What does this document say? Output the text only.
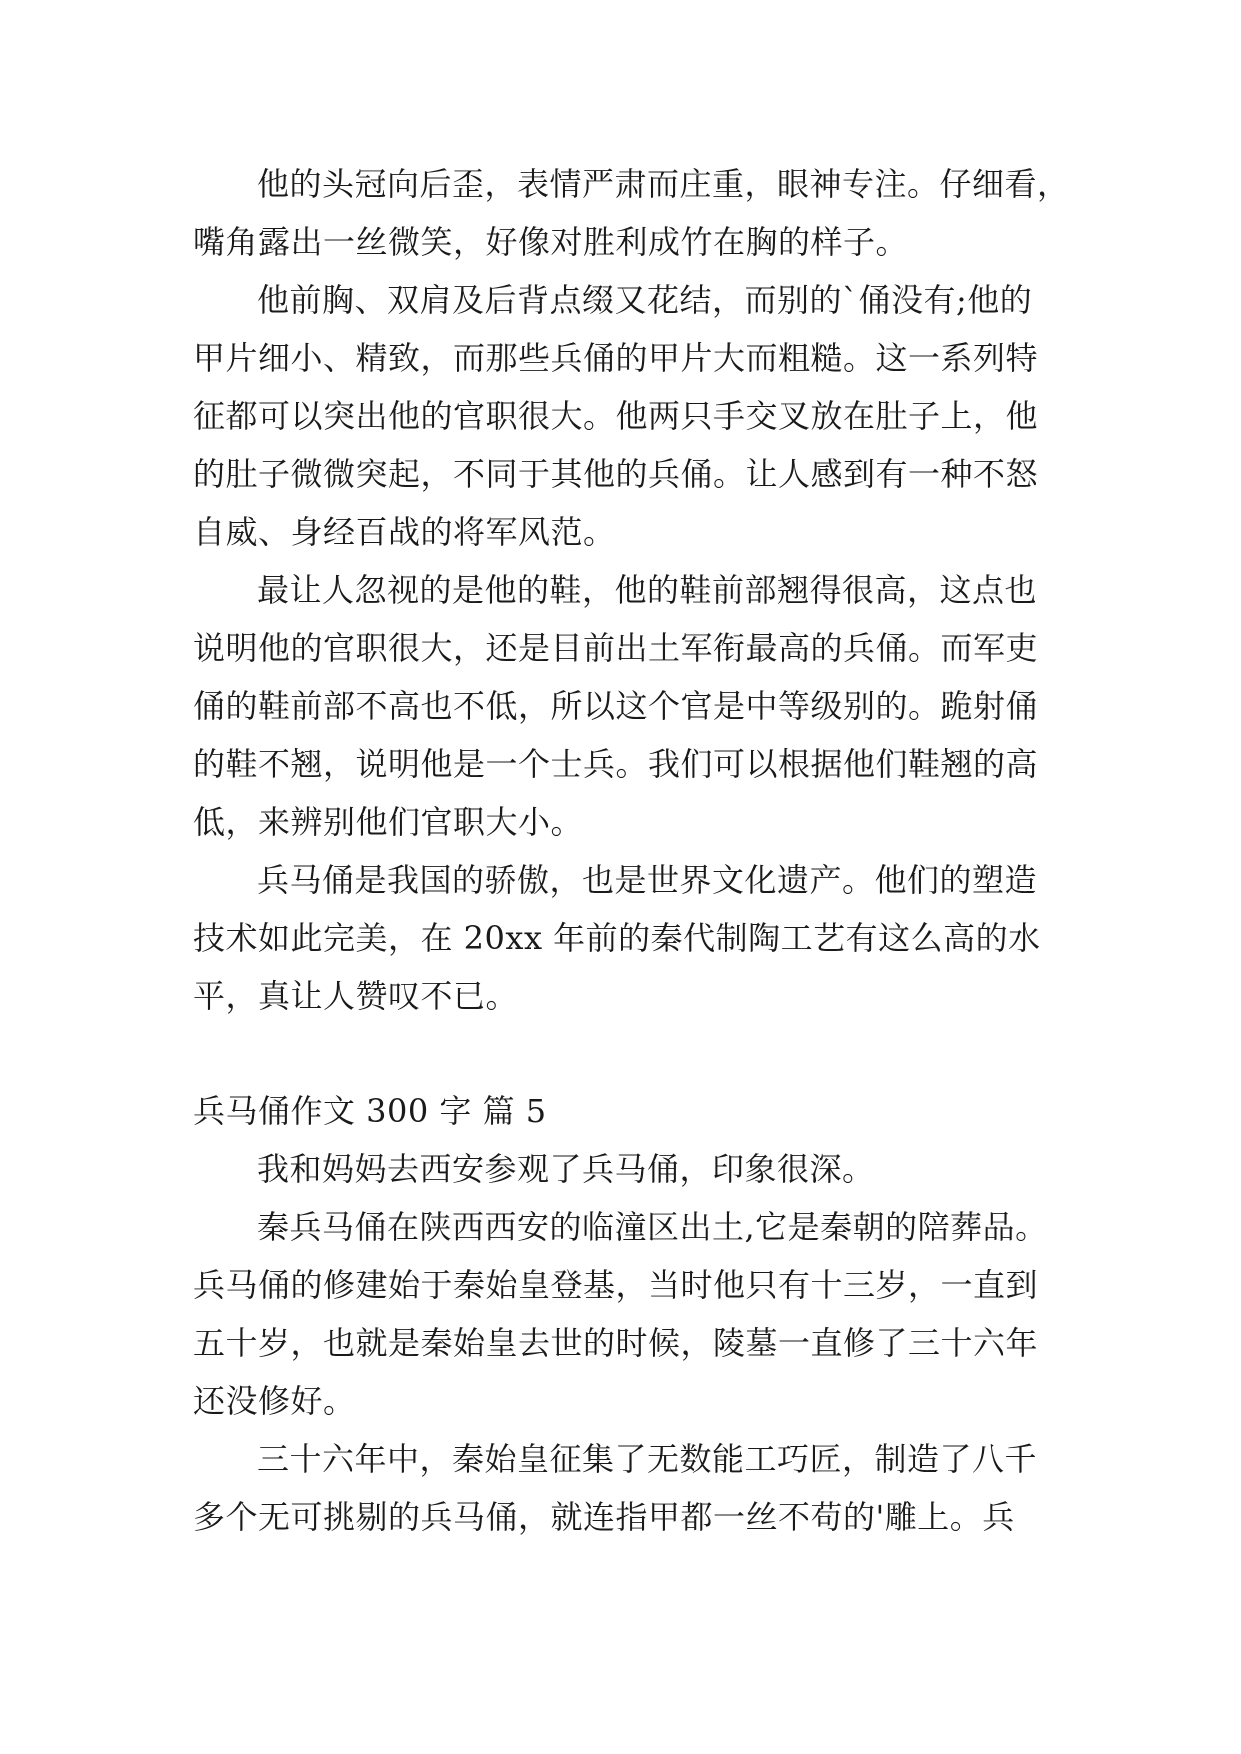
他的头冠向后歪，表情严肃而庄重，眼神专注。仔细看，
嘴角露出一丝微笑，好像对胜利成竹在胸的样子。
他前胸、双肩及后背点缀又花结，而别的`俑没有;他的
甲片细小、精致，而那些兵俑的甲片大而粗糙。这一系列特
征都可以突出他的官职很大。他两只手交叉放在肚子上，他
的肚子微微突起，不同于其他的兵俑。让人感到有一种不怒
自威、身经百战的将军风范。
最让人忽视的是他的鞋，他的鞋前部翘得很高，这点也
说明他的官职很大，还是目前出土军衔最高的兵俑。而军吏
俑的鞋前部不高也不低，所以这个官是中等级别的。跪射俑
的鞋不翘，说明他是一个士兵。我们可以根据他们鞋翘的高
低，来辨别他们官职大小。
兵马俑是我国的骄傲，也是世界文化遗产。他们的塑造
技术如此完美，在 20xx 年前的秦代制陶工艺有这么高的水
平，真让人赞叹不已。
兵马俑作文 300 字 篇 5
我和妈妈去西安参观了兵马俑，印象很深。
秦兵马俑在陕西西安的临潼区出土,它是秦朝的陪葬品。
兵马俑的修建始于秦始皇登基，当时他只有十三岁，一直到
五十岁，也就是秦始皇去世的时候，陵墓一直修了三十六年
还没修好。
三十六年中，秦始皇征集了无数能工巧匠，制造了八千
多个无可挑剔的兵马俑，就连指甲都一丝不苟的'雕上。兵
